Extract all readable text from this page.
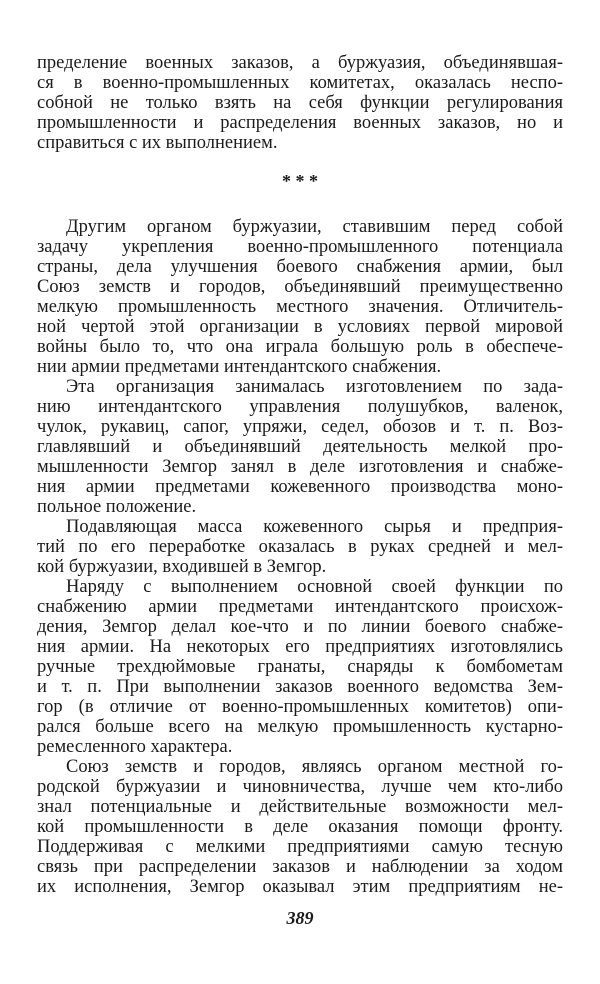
пределение военных заказов, а буржуазия, объединявшая-
ся в военно-промышленных комитетах, оказалась неспо-
собной не только взять на себя функции регулирования
промышленности и распределения военных заказов, но и
справиться с их выполнением.
* * *
Другим органом буржуазии, ставившим перед собой
задачу укрепления военно-промышленного потенциала
страны, дела улучшения боевого снабжения армии, был
Союз земств и городов, объединявший преимущественно
мелкую промышленность местного значения. Отличитель-
ной чертой этой организации в условиях первой мировой
войны было то, что она играла большую роль в обеспече-
нии армии предметами интендантского снабжения.
Эта организация занималась изготовлением по зада-
нию интендантского управления полушубков, валенок,
чулок, рукавиц, сапог, упряжи, седел, обозов и т. п. Воз-
главлявший и объединявший деятельность мелкой про-
мышленности Земгор занял в деле изготовления и снабже-
ния армии предметами кожевенного производства моно-
польное положение.
Подавляющая масса кожевенного сырья и предприя-
тий по его переработке оказалась в руках средней и мел-
кой буржуазии, входившей в Земгор.
Наряду с выполнением основной своей функции по
снабжению армии предметами интендантского происхож-
дения, Земгор делал кое-что и по линии боевого снабже-
ния армии. На некоторых его предприятиях изготовлялись
ручные трехдюймовые гранаты, снаряды к бомбометам
и т. п. При выполнении заказов военного ведомства Зем-
гор (в отличие от военно-промышленных комитетов) опи-
рался больше всего на мелкую промышленность кустарно-
ремесленного характера.
Союз земств и городов, являясь органом местной го-
родской буржуазии и чиновничества, лучше чем кто-либо
знал потенциальные и действительные возможности мел-
кой промышленности в деле оказания помощи фронту.
Поддерживая с мелкими предприятиями самую тесную
связь при распределении заказов и наблюдении за ходом
их исполнения, Земгор оказывал этим предприятиям не-
389
